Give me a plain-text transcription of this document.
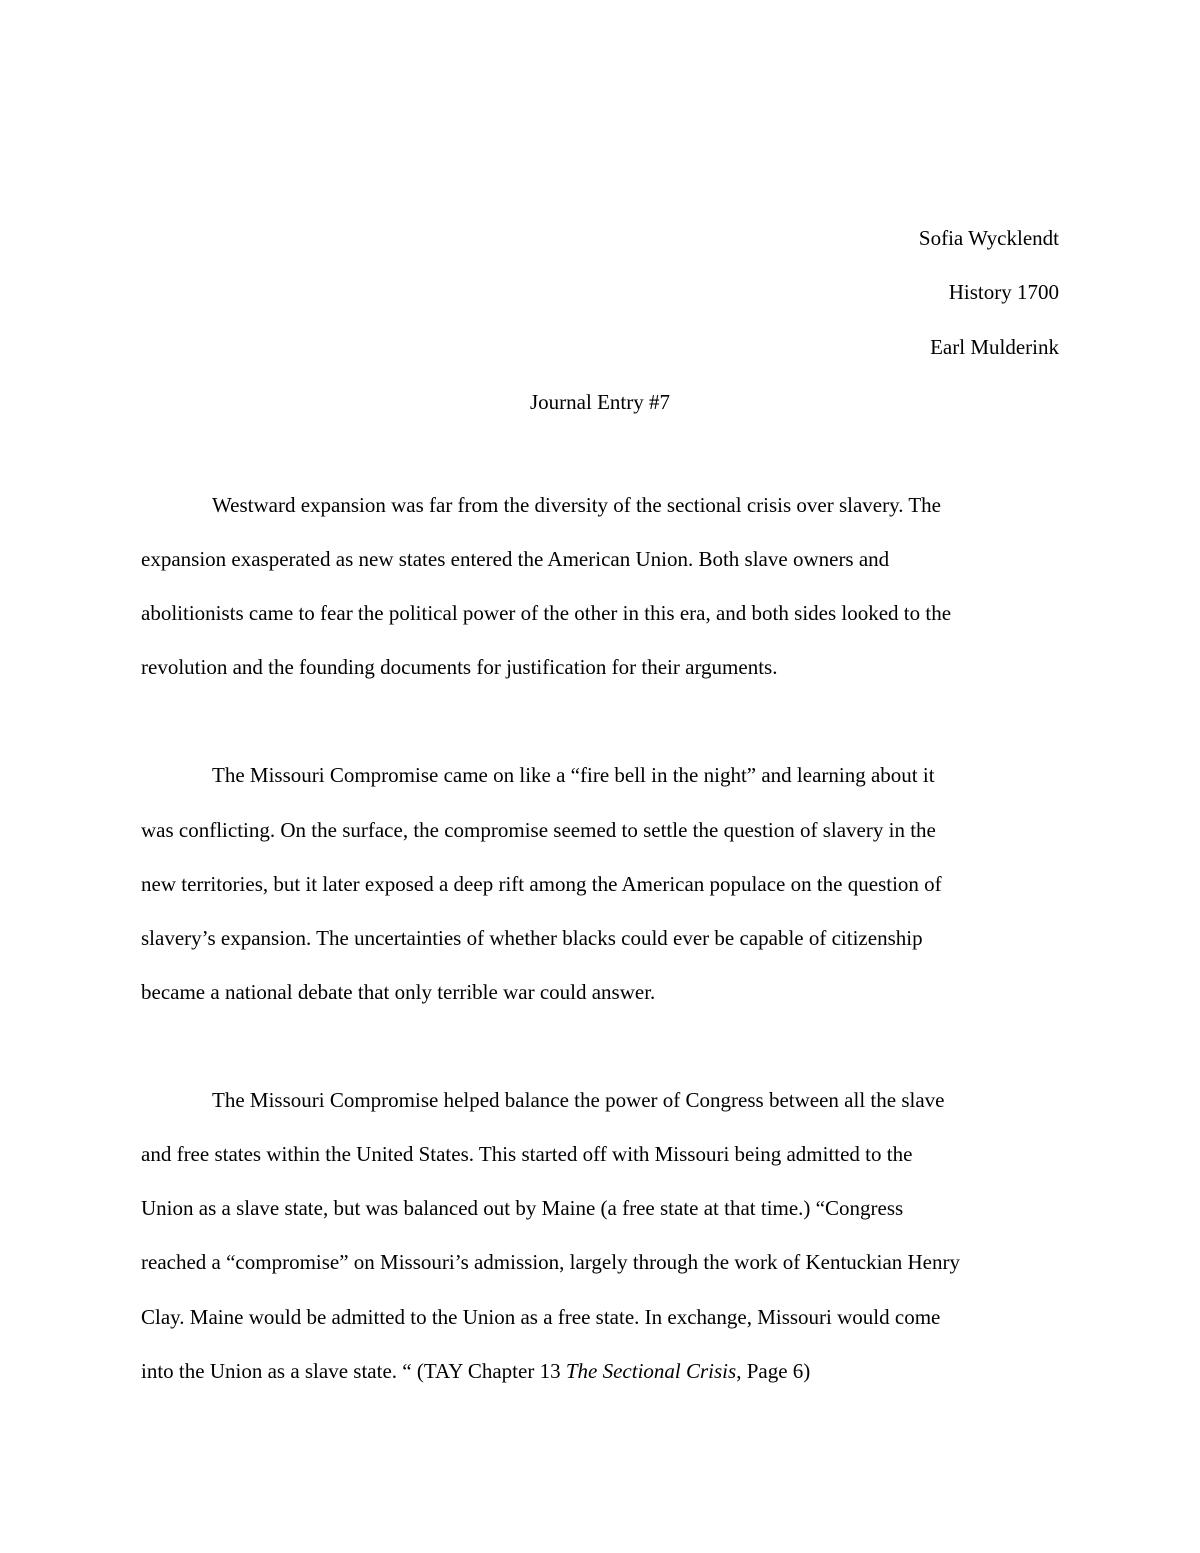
Sofia Wycklendt
History 1700
Earl Mulderink
Journal Entry #7
Westward expansion was far from the diversity of the sectional crisis over slavery. The
expansion exasperated as new states entered the American Union. Both slave owners and
abolitionists came to fear the political power of the other in this era, and both sides looked to the
revolution and the founding documents for justification for their arguments.
The Missouri Compromise came on like a “fire bell in the night” and learning about it
was conflicting. On the surface, the compromise seemed to settle the question of slavery in the
new territories, but it later exposed a deep rift among the American populace on the question of
slavery’s expansion. The uncertainties of whether blacks could ever be capable of citizenship
became a national debate that only terrible war could answer.
The Missouri Compromise helped balance the power of Congress between all the slave
and free states within the United States. This started off with Missouri being admitted to the
Union as a slave state, but was balanced out by Maine (a free state at that time.) “Congress
reached a “compromise” on Missouri’s admission, largely through the work of Kentuckian Henry
Clay. Maine would be admitted to the Union as a free state. In exchange, Missouri would come
into the Union as a slave state. “ (TAY Chapter 13 The Sectional Crisis, Page 6)
